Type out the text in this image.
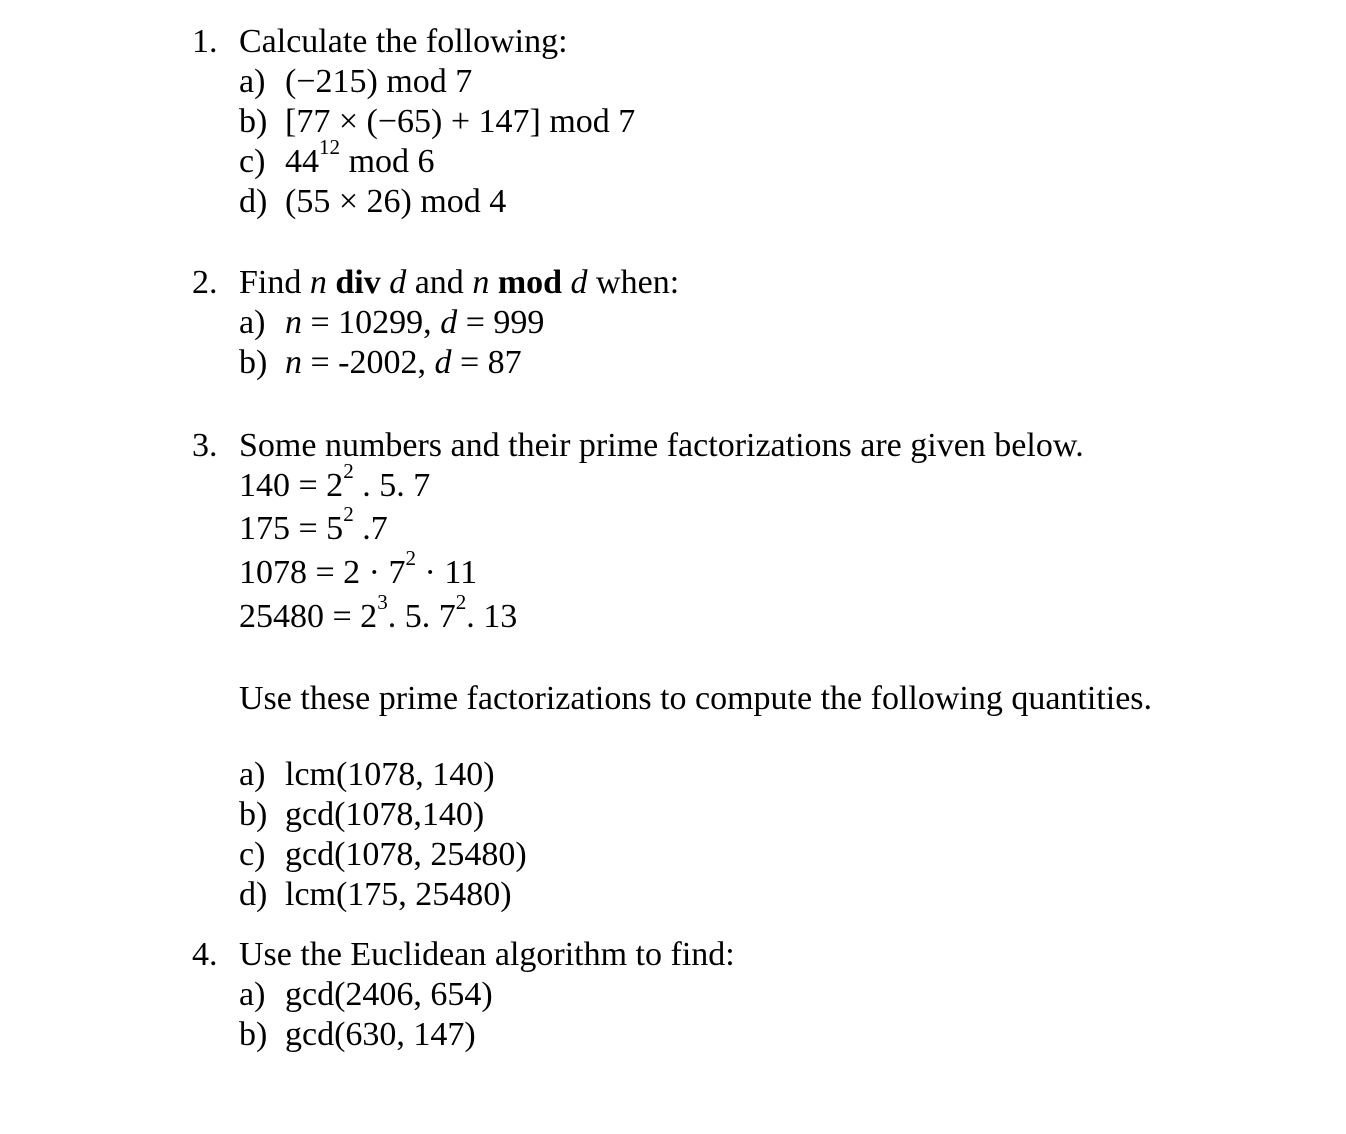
1. Calculate the following:
a) (−215) mod 7
b) [77 × (−65) + 147] mod 7
c) $44^{12}$ mod 6
d) (55 × 26) mod 4
2. Find n div d and n mod d when:
a) n = 10299, d = 999
b) n = -2002, d = 87
3. Some numbers and their prime factorizations are given below.
$140 = 2^2$ . 5. 7
$175 = 5^2$ .7
$1078 = 2 \cdot 7^2 \cdot 11$
$25480 = 2^3$. 5. $7^2$. 13
Use these prime factorizations to compute the following quantities.
a) lcm(1078, 140)
b) gcd(1078,140)
c) gcd(1078, 25480)
d) lcm(175, 25480)
4. Use the Euclidean algorithm to find:
a) gcd(2406, 654)
b) gcd(630, 147)
